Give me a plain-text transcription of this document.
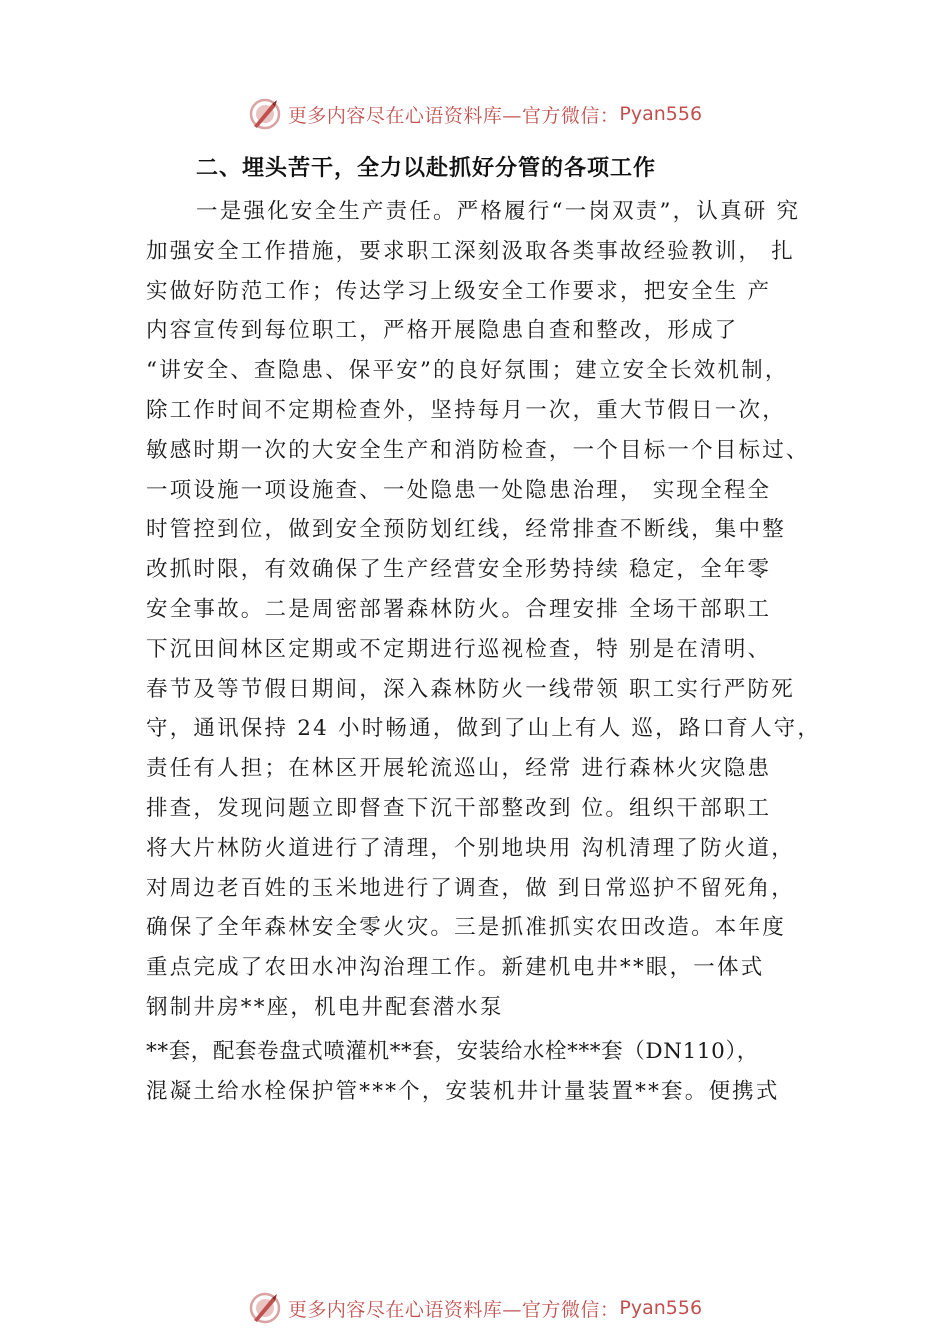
更多内容尽在心语资料库—官方微信： Pyan556
二、埋头苦干，全力以赴抓好分管的各项工作
一是强化安全生产责任。严格履行“一岗双责”，认真研 究
加强安全工作措施，要求职工深刻汲取各类事故经验教训， 扎
实做好防范工作；传达学习上级安全工作要求，把安全生 产
内容宣传到每位职工，严格开展隐患自查和整改，形成了
“讲安全、查隐患、保平安”的良好氛围；建立安全长效机制，
除工作时间不定期检查外，坚持每月一次，重大节假日一次，
敏感时期一次的大安全生产和消防检查，一个目标一个目标过、
一项设施一项设施查、一处隐患一处隐患治理， 实现全程全
时管控到位，做到安全预防划红线，经常排查不断线，集中整
改抓时限，有效确保了生产经营安全形势持续 稳定，全年零
安全事故。二是周密部署森林防火。合理安排 全场干部职工
下沉田间林区定期或不定期进行巡视检查，特 别是在清明、
春节及等节假日期间，深入森林防火一线带领 职工实行严防死
守，通讯保持 24 小时畅通，做到了山上有人 巡，路口育人守，
责任有人担；在林区开展轮流巡山，经常 进行森林火灾隐患
排查，发现问题立即督查下沉干部整改到 位。组织干部职工
将大片林防火道进行了清理，个别地块用 沟机清理了防火道，
对周边老百姓的玉米地进行了调查，做 到日常巡护不留死角，
确保了全年森林安全零火灾。三是抓准抓实农田改造。本年度
重点完成了农田水冲沟治理工作。新建机电井**眼，一体式
钢制井房**座，机电井配套潜水泵
**套，配套卷盘式喷灌机**套，安装给水栓***套（DN110），
混凝土给水栓保护管***个，安装机井计量装置**套。便携式
更多内容尽在心语资料库—官方微信： Pyan556
